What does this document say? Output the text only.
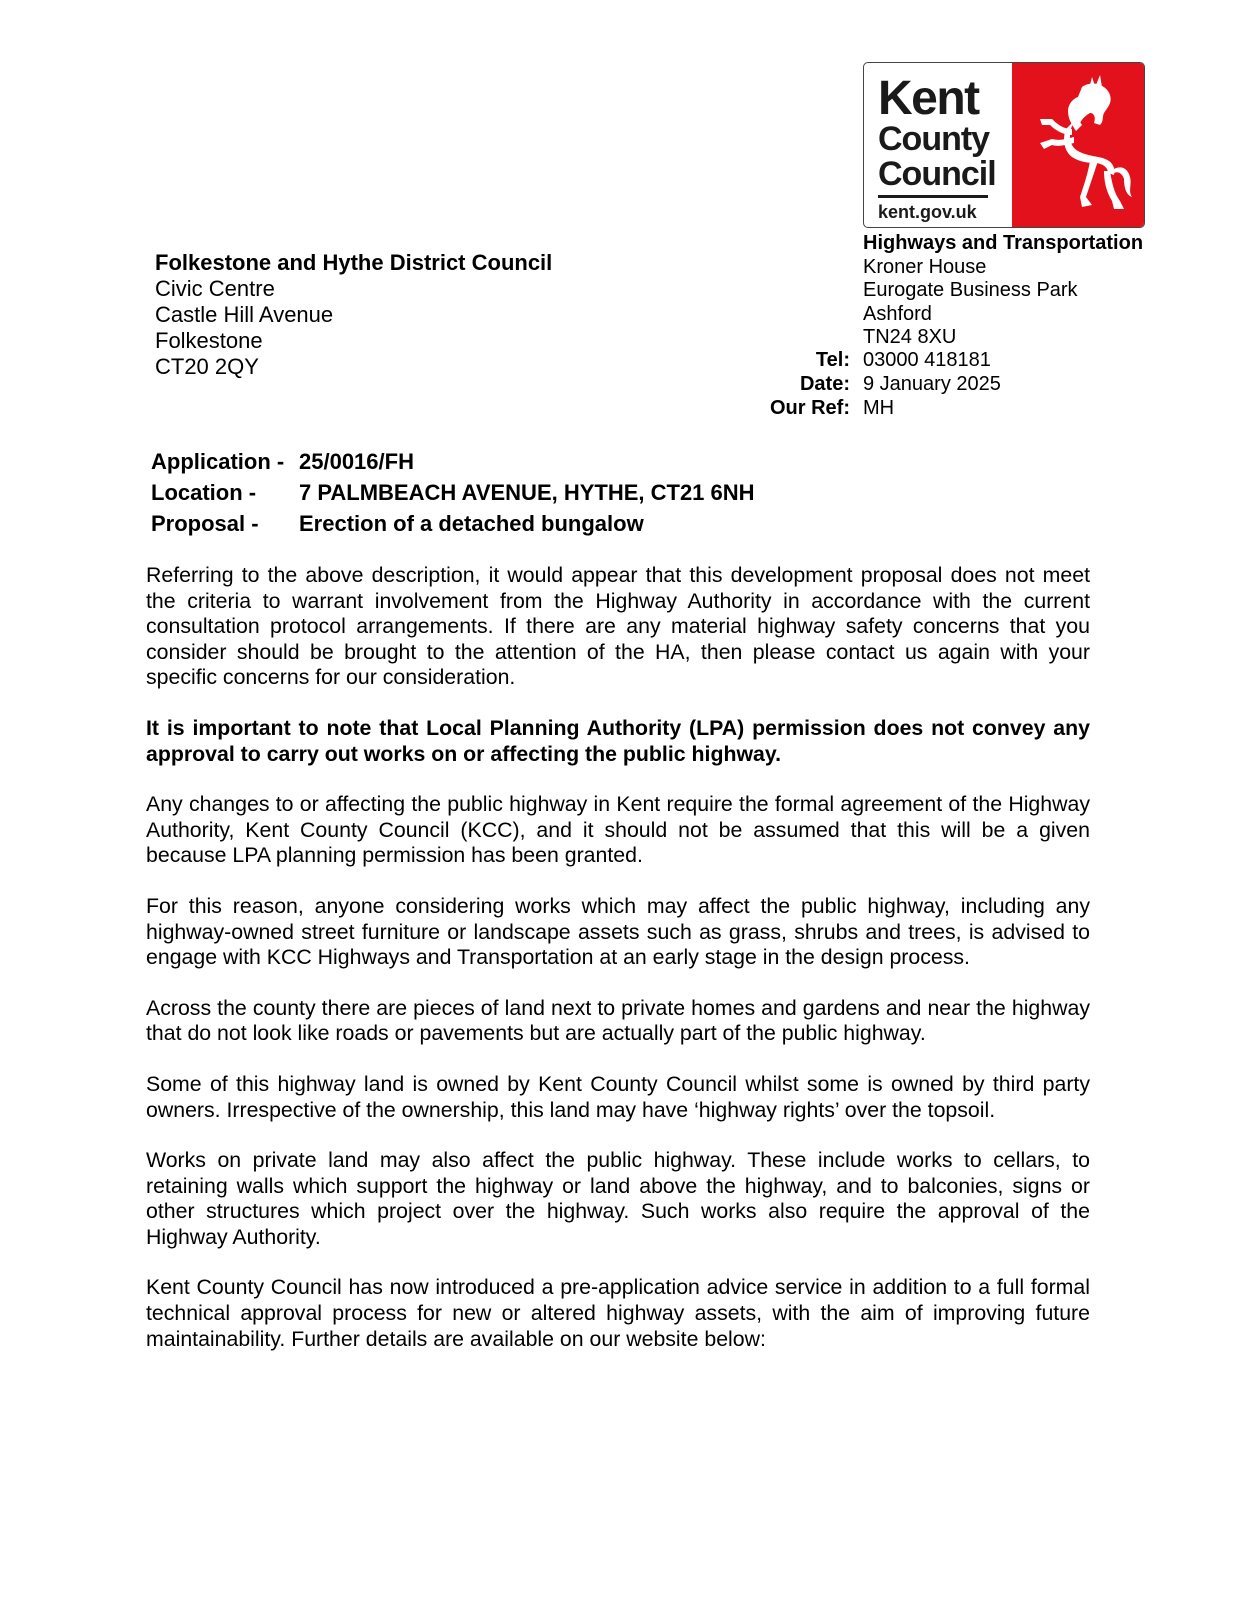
Kent
County
Council
kent.gov.uk
Highways and Transportation
Kroner House
Eurogate Business Park
Ashford
TN24 8XU
Tel: 03000 418181
Date: 9 January 2025
Our Ref: MH
Folkestone and Hythe District Council
Civic Centre
Castle Hill Avenue
Folkestone
CT20 2QY
Application - 25/0016/FH
Location -	7 PALMBEACH AVENUE, HYTHE, CT21 6NH
Proposal -	Erection of a detached bungalow

Referring to the above description, it would appear that this development proposal does not meet the criteria to warrant involvement from the Highway Authority in accordance with the current consultation protocol arrangements. If there are any material highway safety concerns that you consider should be brought to the attention of the HA, then please contact us again with your specific concerns for our consideration.

It is important to note that Local Planning Authority (LPA) permission does not convey any approval to carry out works on or affecting the public highway.

Any changes to or affecting the public highway in Kent require the formal agreement of the Highway Authority, Kent County Council (KCC), and it should not be assumed that this will be a given because LPA planning permission has been granted.

For this reason, anyone considering works which may affect the public highway, including any highway-owned street furniture or landscape assets such as grass, shrubs and trees, is advised to engage with KCC Highways and Transportation at an early stage in the design process.

Across the county there are pieces of land next to private homes and gardens and near the highway that do not look like roads or pavements but are actually part of the public highway.

Some of this highway land is owned by Kent County Council whilst some is owned by third party owners. Irrespective of the ownership, this land may have ‘highway rights’ over the topsoil.

Works on private land may also affect the public highway. These include works to cellars, to retaining walls which support the highway or land above the highway, and to balconies, signs or other structures which project over the highway. Such works also require the approval of the Highway Authority.

Kent County Council has now introduced a pre-application advice service in addition to a full formal technical approval process for new or altered highway assets, with the aim of improving future maintainability. Further details are available on our website below:
